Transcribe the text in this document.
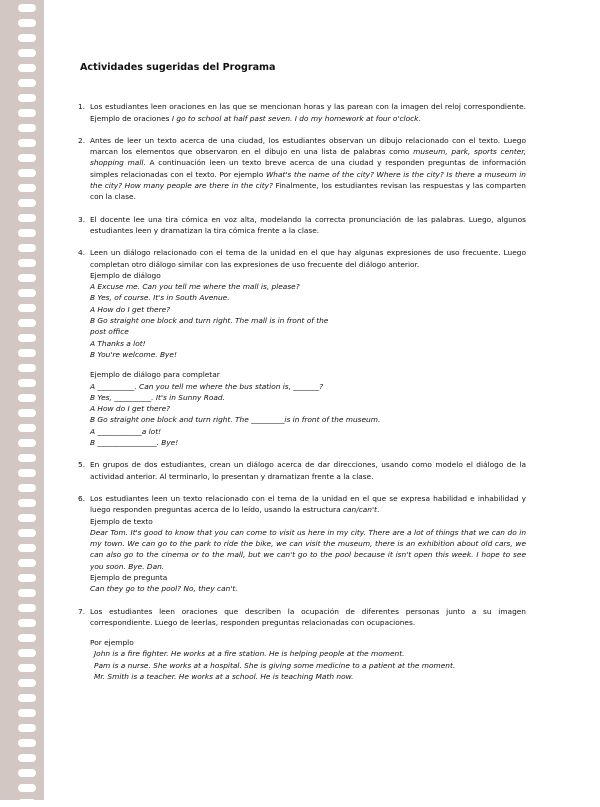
Actividades sugeridas del Programa
1. Los estudiantes leen oraciones en las que se mencionan horas y las parean con la imagen del reloj correspondiente. Ejemplo de oraciones I go to school at half past seven. I do my homework at four o'clock.
2. Antes de leer un texto acerca de una ciudad, los estudiantes observan un dibujo relacionado con el texto. Luego marcan los elementos que observaron en el dibujo en una lista de palabras como museum, park, sports center, shopping mall. A continuación leen un texto breve acerca de una ciudad y responden preguntas de información simples relacionadas con el texto. Por ejemplo What's the name of the city? Where is the city? Is there a museum in the city? How many people are there in the city? Finalmente, los estudiantes revisan las respuestas y las comparten con la clase.
3. El docente lee una tira cómica en voz alta, modelando la correcta pronunciación de las palabras. Luego, algunos estudiantes leen y dramatizan la tira cómica frente a la clase.
4. Leen un diálogo relacionado con el tema de la unidad en el que hay algunas expresiones de uso frecuente. Luego completan otro diálogo similar con las expresiones de uso frecuente del diálogo anterior.
Ejemplo de diálogo
A Excuse me. Can you tell me where the mall is, please?
B Yes, of course. It's in South Avenue.
A How do I get there?
B Go straight one block and turn right. The mall is in front of the
post office
A Thanks a lot!
B You're welcome. Bye!
Ejemplo de diálogo para completar
A __________. Can you tell me where the bus station is, _______?
B Yes, __________. It's in Sunny Road.
A How do I get there?
B Go straight one block and turn right. The _________is in front of the museum.
A ____________a lot!
B ________________. Bye!
5. En grupos de dos estudiantes, crean un diálogo acerca de dar direcciones, usando como modelo el diálogo de la actividad anterior. Al terminarlo, lo presentan y dramatizan frente a la clase.
6. Los estudiantes leen un texto relacionado con el tema de la unidad en el que se expresa habilidad e inhabilidad y luego responden preguntas acerca de lo leído, usando la estructura can/can't.
Ejemplo de texto
Dear Tom. It's good to know that you can come to visit us here in my city. There are a lot of things that we can do in my town. We can go to the park to ride the bike, we can visit the museum, there is an exhibition about old cars, we can also go to the cinema or to the mall, but we can't go to the pool because it isn't open this week. I hope to see you soon. Bye. Dan.
Ejemplo de pregunta
Can they go to the pool? No, they can't.
7. Los estudiantes leen oraciones que describen la ocupación de diferentes personas junto a su imagen correspondiente. Luego de leerlas, responden preguntas relacionadas con ocupaciones.
Por ejemplo
John is a fire fighter. He works at a fire station. He is helping people at the moment.
Pam is a nurse. She works at a hospital. She is giving some medicine to a patient at the moment.
Mr. Smith is a teacher. He works at a school. He is teaching Math now.
